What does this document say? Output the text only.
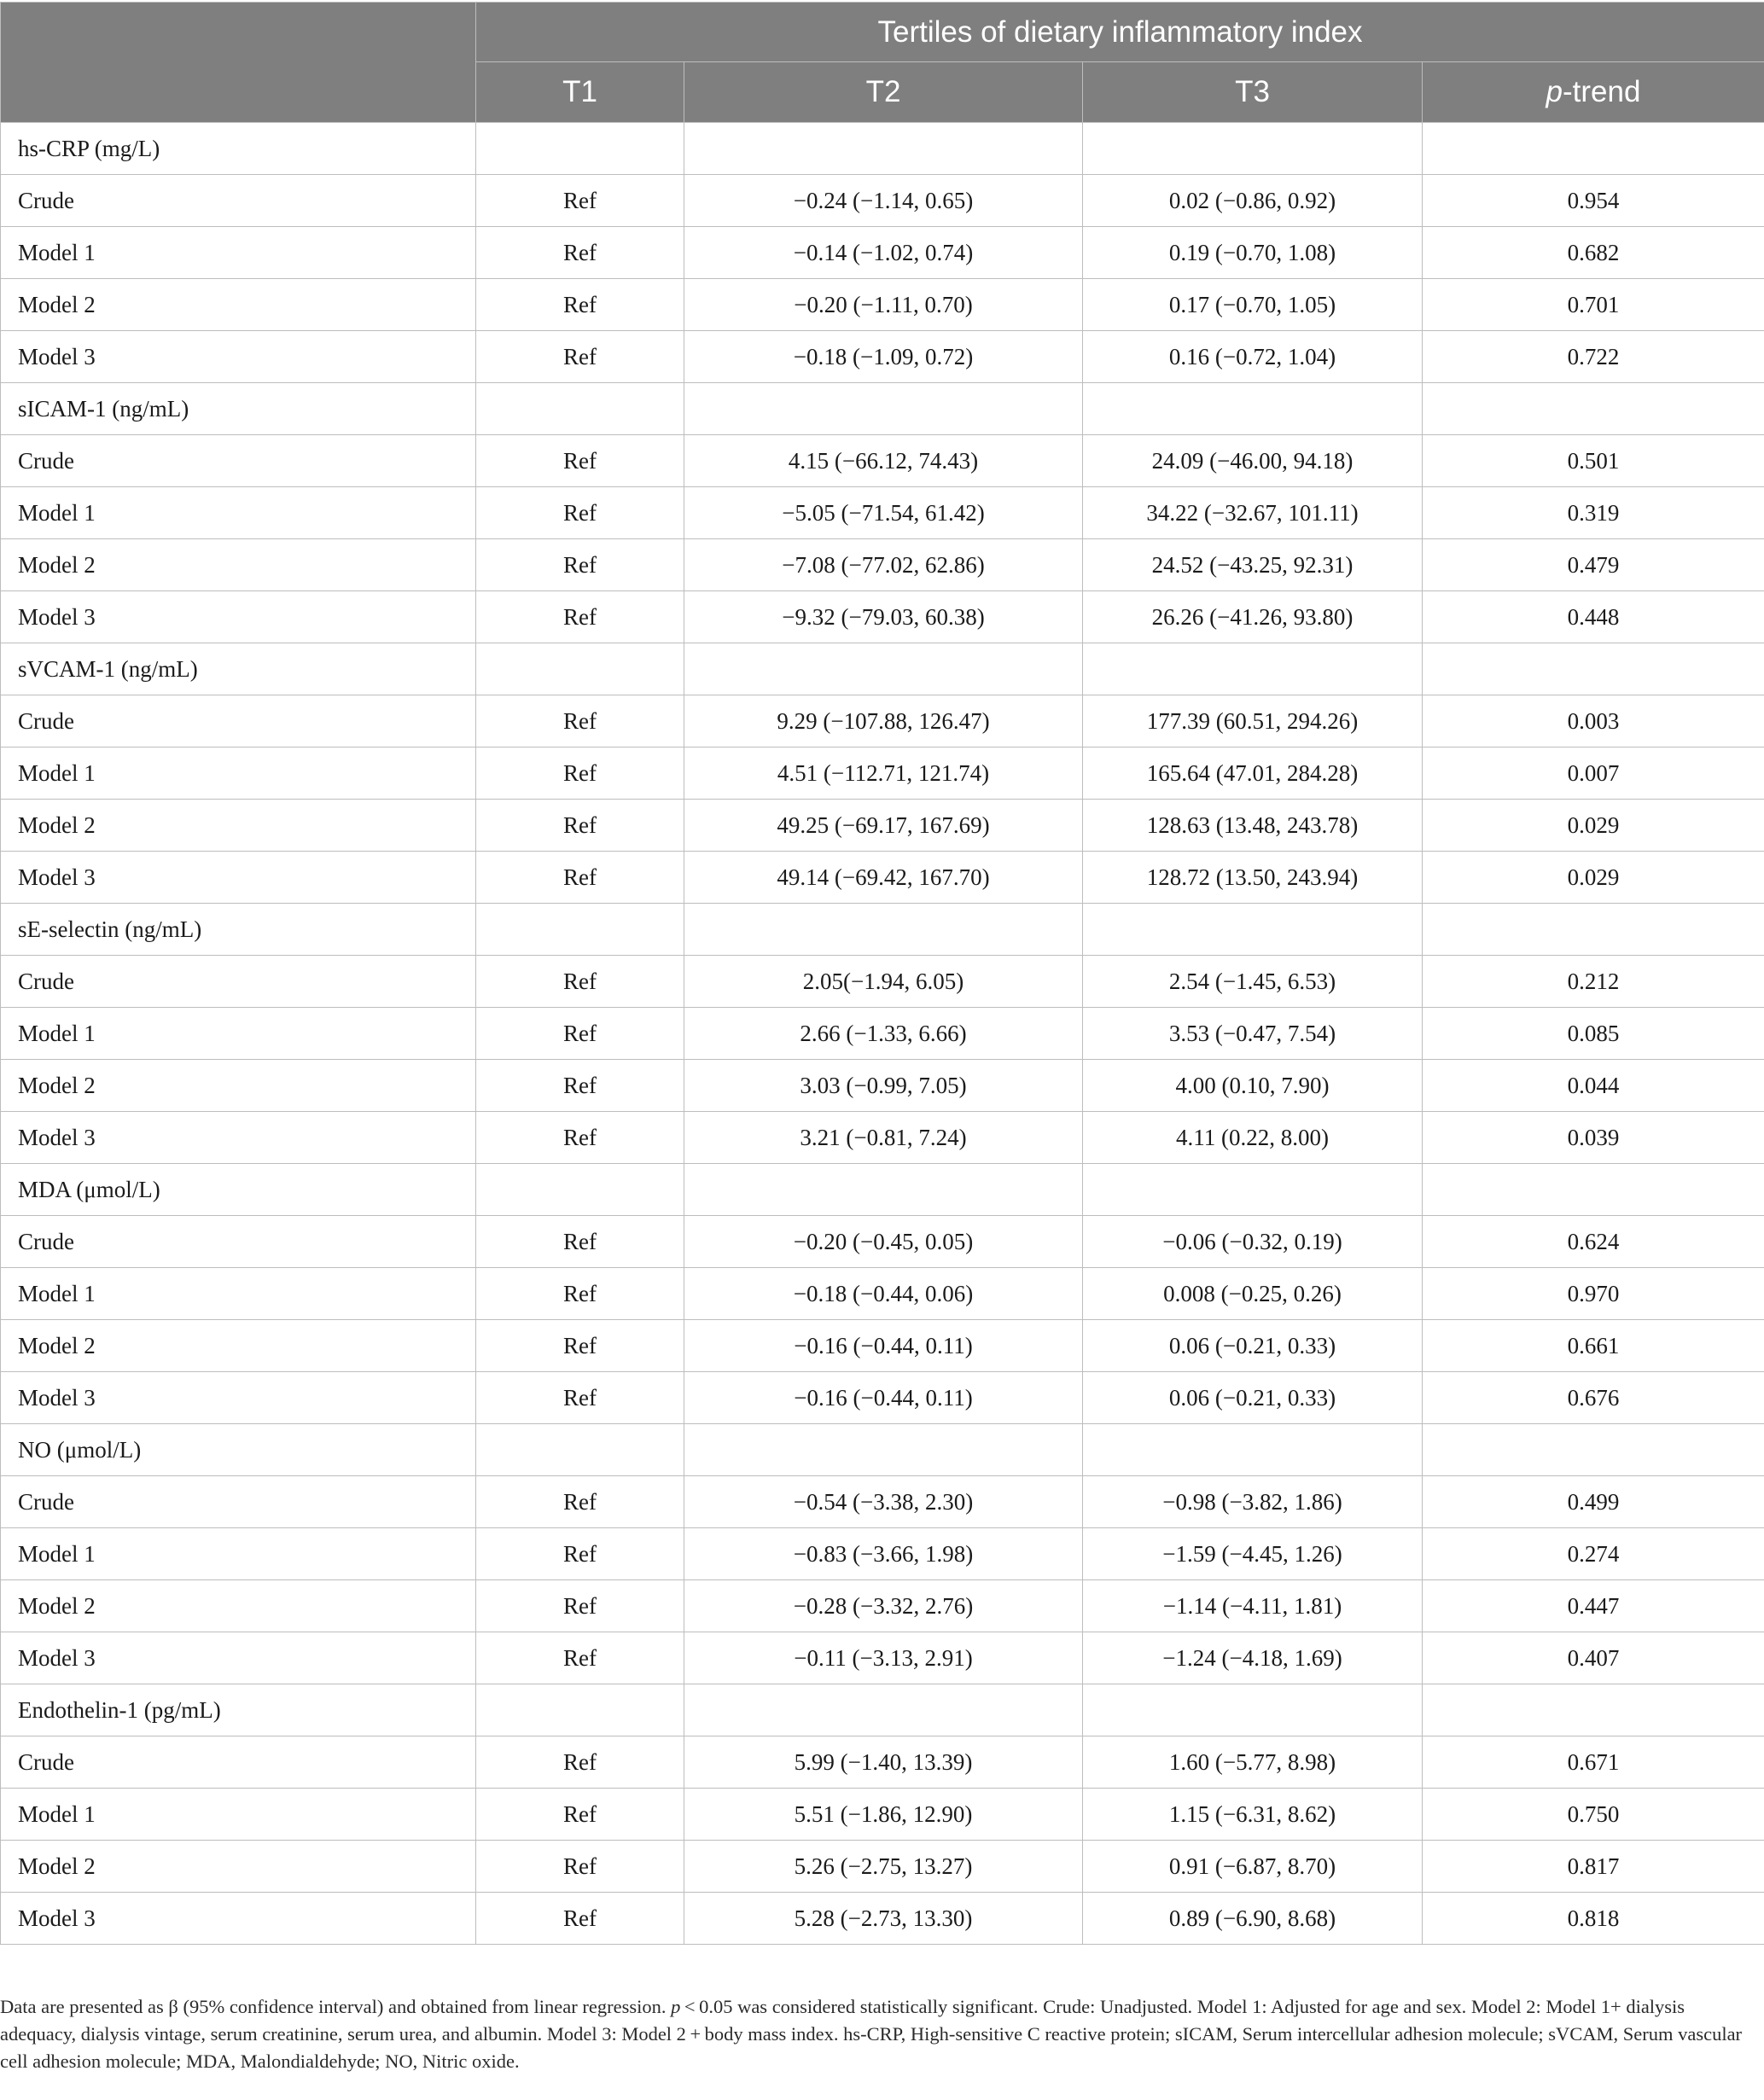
	Tertiles of dietary inflammatory index			
	T1	T2	T3	p-trend
hs-CRP (mg/L)				
Crude	Ref	−0.24 (−1.14, 0.65)	0.02 (−0.86, 0.92)	0.954
Model 1	Ref	−0.14 (−1.02, 0.74)	0.19 (−0.70, 1.08)	0.682
Model 2	Ref	−0.20 (−1.11, 0.70)	0.17 (−0.70, 1.05)	0.701
Model 3	Ref	−0.18 (−1.09, 0.72)	0.16 (−0.72, 1.04)	0.722
sICAM-1 (ng/mL)				
Crude	Ref	4.15 (−66.12, 74.43)	24.09 (−46.00, 94.18)	0.501
Model 1	Ref	−5.05 (−71.54, 61.42)	34.22 (−32.67, 101.11)	0.319
Model 2	Ref	−7.08 (−77.02, 62.86)	24.52 (−43.25, 92.31)	0.479
Model 3	Ref	−9.32 (−79.03, 60.38)	26.26 (−41.26, 93.80)	0.448
sVCAM-1 (ng/mL)				
Crude	Ref	9.29 (−107.88, 126.47)	177.39 (60.51, 294.26)	0.003
Model 1	Ref	4.51 (−112.71, 121.74)	165.64 (47.01, 284.28)	0.007
Model 2	Ref	49.25 (−69.17, 167.69)	128.63 (13.48, 243.78)	0.029
Model 3	Ref	49.14 (−69.42, 167.70)	128.72 (13.50, 243.94)	0.029
sE-selectin (ng/mL)				
Crude	Ref	2.05(−1.94, 6.05)	2.54 (−1.45, 6.53)	0.212
Model 1	Ref	2.66 (−1.33, 6.66)	3.53 (−0.47, 7.54)	0.085
Model 2	Ref	3.03 (−0.99, 7.05)	4.00 (0.10, 7.90)	0.044
Model 3	Ref	3.21 (−0.81, 7.24)	4.11 (0.22, 8.00)	0.039
MDA (μmol/L)				
Crude	Ref	−0.20 (−0.45, 0.05)	−0.06 (−0.32, 0.19)	0.624
Model 1	Ref	−0.18 (−0.44, 0.06)	0.008 (−0.25, 0.26)	0.970
Model 2	Ref	−0.16 (−0.44, 0.11)	0.06 (−0.21, 0.33)	0.661
Model 3	Ref	−0.16 (−0.44, 0.11)	0.06 (−0.21, 0.33)	0.676
NO (μmol/L)				
Crude	Ref	−0.54 (−3.38, 2.30)	−0.98 (−3.82, 1.86)	0.499
Model 1	Ref	−0.83 (−3.66, 1.98)	−1.59 (−4.45, 1.26)	0.274
Model 2	Ref	−0.28 (−3.32, 2.76)	−1.14 (−4.11, 1.81)	0.447
Model 3	Ref	−0.11 (−3.13, 2.91)	−1.24 (−4.18, 1.69)	0.407
Endothelin-1 (pg/mL)				
Crude	Ref	5.99 (−1.40, 13.39)	1.60 (−5.77, 8.98)	0.671
Model 1	Ref	5.51 (−1.86, 12.90)	1.15 (−6.31, 8.62)	0.750
Model 2	Ref	5.26 (−2.75, 13.27)	0.91 (−6.87, 8.70)	0.817
Model 3	Ref	5.28 (−2.73, 13.30)	0.89 (−6.90, 8.68)	0.818
Data are presented as β (95% confidence interval) and obtained from linear regression. p < 0.05 was considered statistically significant. Crude: Unadjusted. Model 1: Adjusted for age and sex. Model 2: Model 1+ dialysis adequacy, dialysis vintage, serum creatinine, serum urea, and albumin. Model 3: Model 2 + body mass index. hs-CRP, High-sensitive C reactive protein; sICAM, Serum intercellular adhesion molecule; sVCAM, Serum vascular cell adhesion molecule; MDA, Malondialdehyde; NO, Nitric oxide.
